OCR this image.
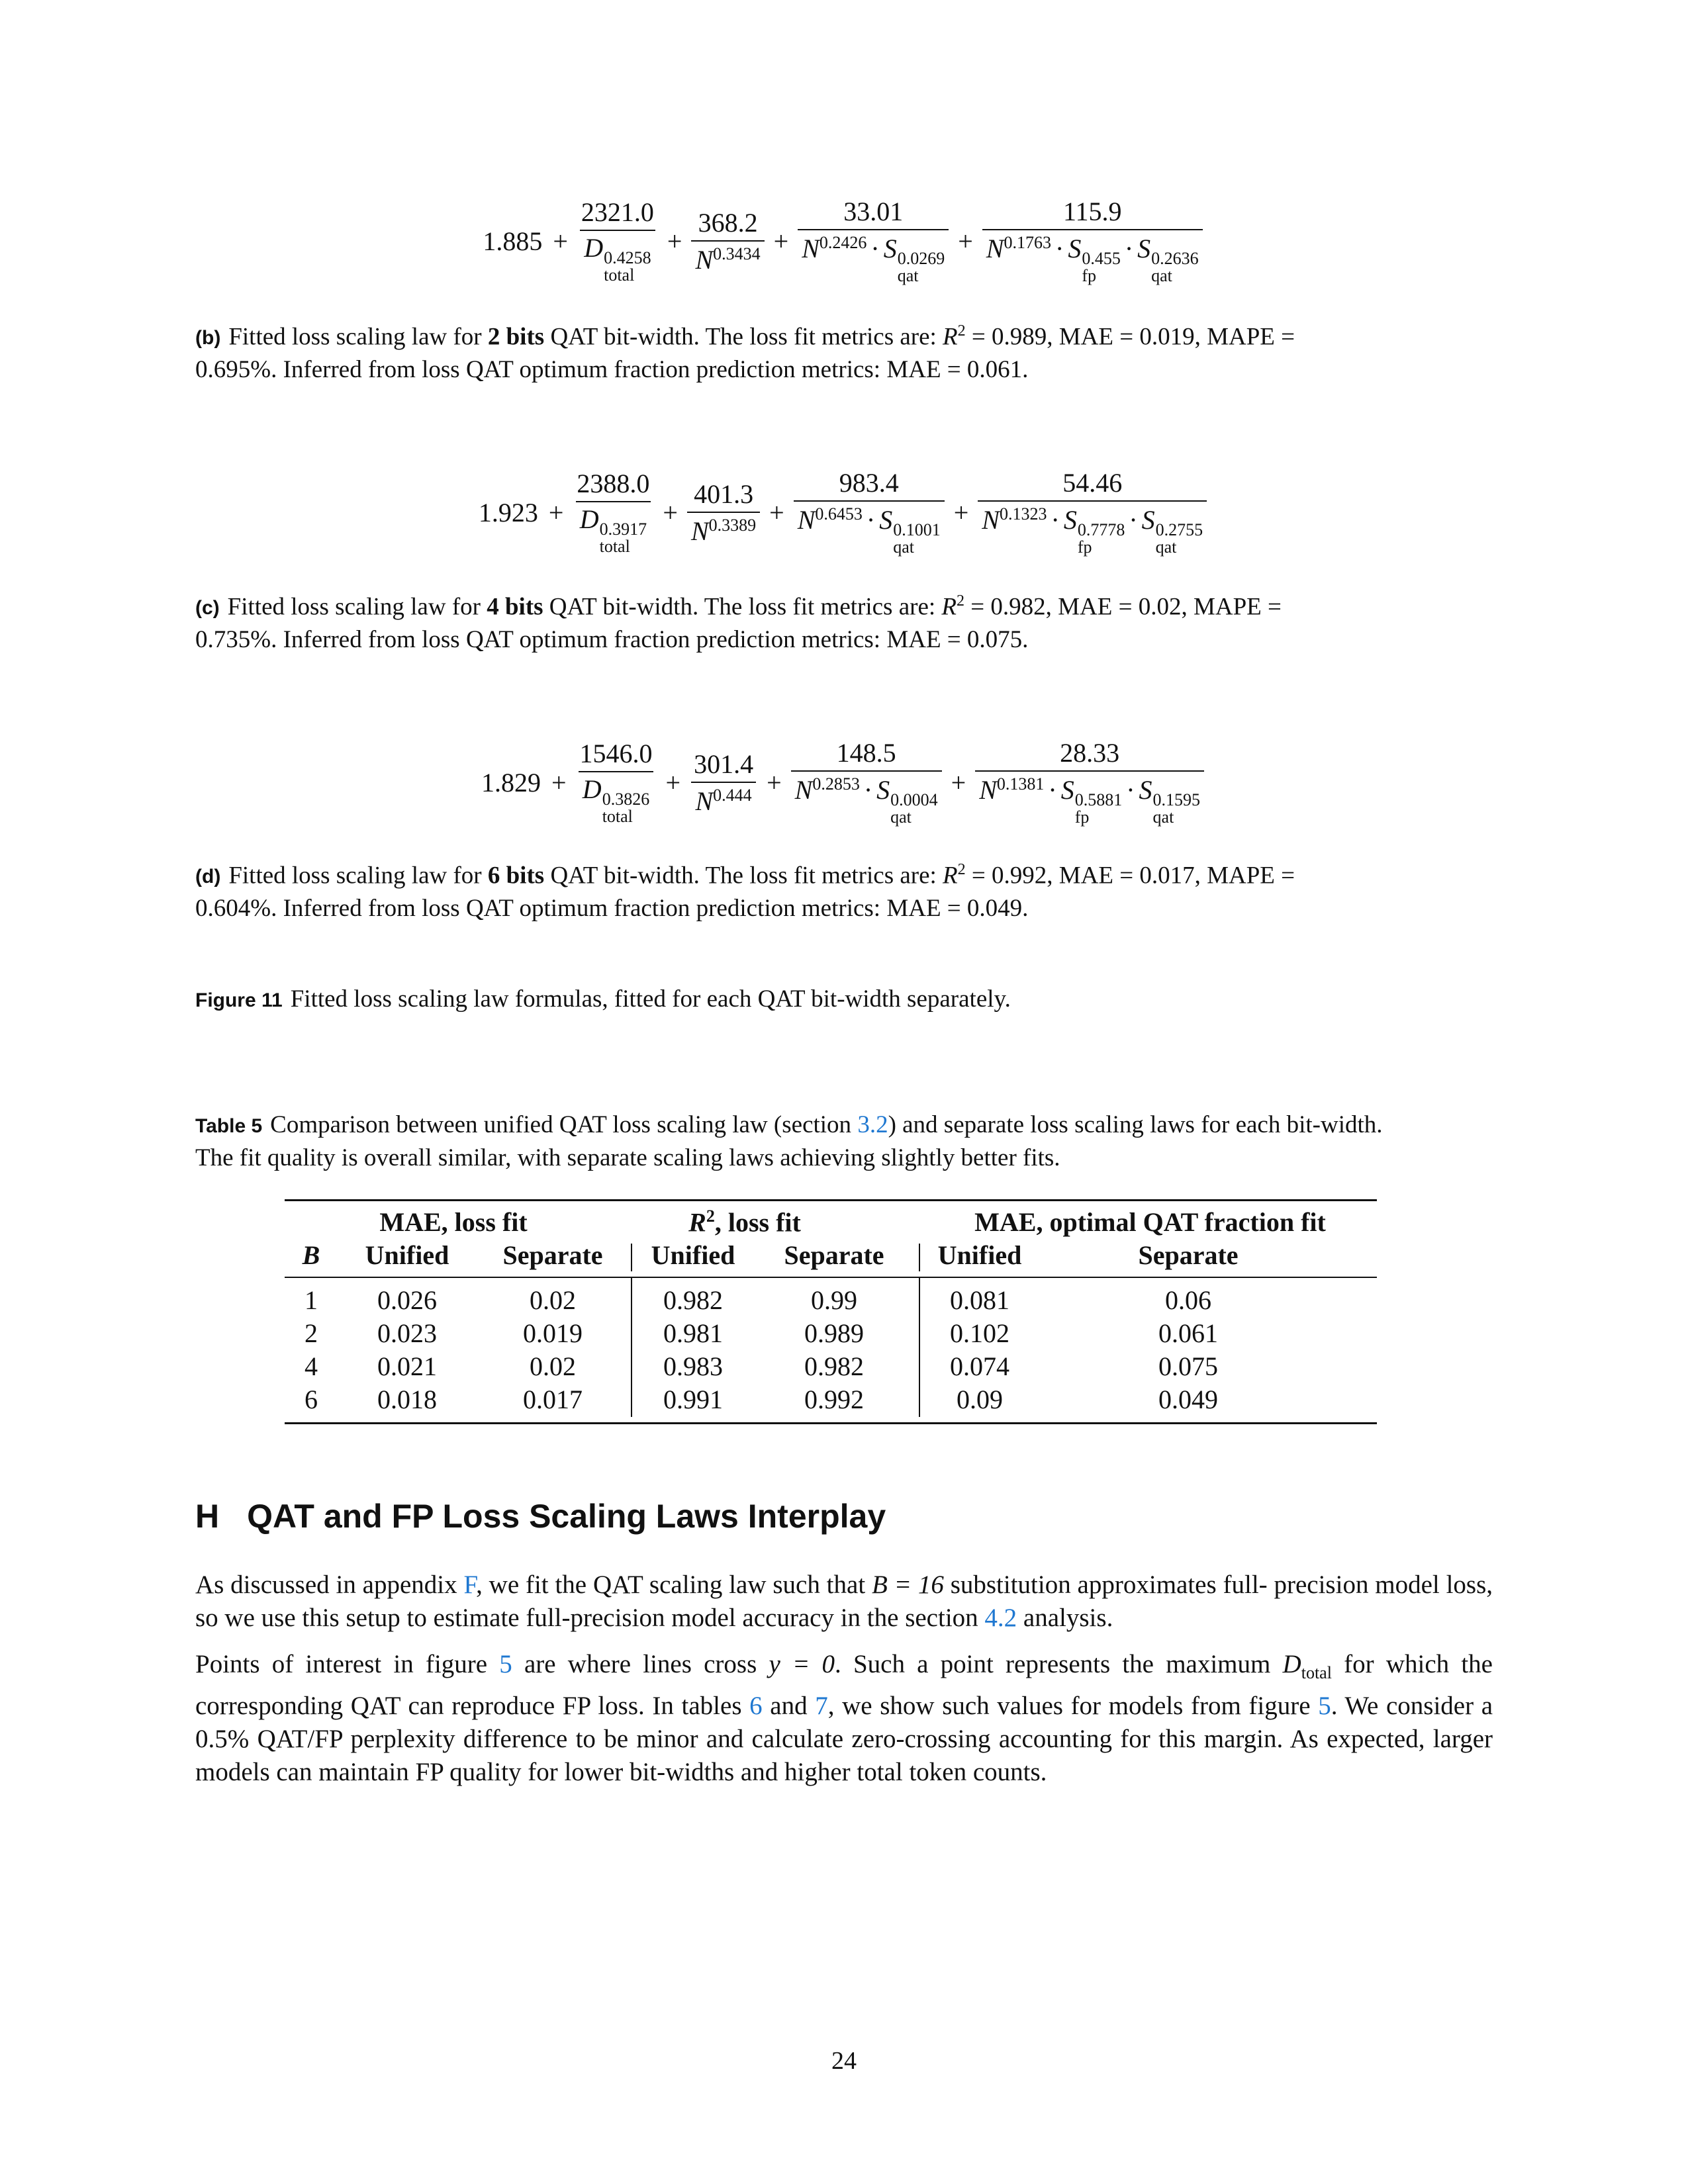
1.885 + 2321.0
D 0.4258
total + $\frac{368.2}{N^{0.3434}} + 33.01$
$N^{0.2426} \cdot S$ 0.0269
qat + 115.9
$N^{0.1763} \cdot S$ 0.455
fp
· S 0.2636
qat
(b) Fitted loss scaling law for 2 bits QAT bit-width. The loss fit metrics are: $R^2 = 0.989$, MAE = 0.019, MAPE =
0.695%. Inferred from loss QAT optimum fraction prediction metrics: MAE = 0.061.
1.923 + 2388.0
D 0.3917
total + $\frac{401.3}{N^{0.3389}} + 983.4$
$N^{0.6453} \cdot S$ 0.1001
qat + 54.46
$N^{0.1323} \cdot S$ 0.7778
fp
· S 0.2755
qat
(c) Fitted loss scaling law for 4 bits QAT bit-width. The loss fit metrics are: $R^2 = 0.982$, MAE = 0.02, MAPE =
0.735%. Inferred from loss QAT optimum fraction prediction metrics: MAE = 0.075.
1.829 + 1546.0
D 0.3826
total + $\frac{301.4}{N^{0.444}} + 148.5$
$N^{0.2853} \cdot S$ 0.0004
qat + 28.33
$N^{0.1381} \cdot S$ 0.5881
fp
· S 0.1595
qat
(d) Fitted loss scaling law for 6 bits QAT bit-width. The loss fit metrics are: $R^2 = 0.992$, MAE = 0.017, MAPE =
0.604%. Inferred from loss QAT optimum fraction prediction metrics: MAE = 0.049.
Figure 11 Fitted loss scaling law formulas, fitted for each QAT bit-width separately.
Table 5 Comparison between unified QAT loss scaling law (section 3.2) and separate loss scaling laws for each bit-width.
The fit quality is overall similar, with separate scaling laws achieving slightly better fits.
MAE, loss fit	$R^2$, loss fit	MAE, optimal QAT fraction fit
B	Unified	Separate	Unified	Separate	Unified	Separate
1	0.026	0.02	0.982	0.99	0.081	0.06
2	0.023	0.019	0.981	0.989	0.102	0.061
4	0.021	0.02	0.983	0.982	0.074	0.075
6	0.018	0.017	0.991	0.992	0.09	0.049
H QAT and FP Loss Scaling Laws Interplay
As discussed in appendix F, we fit the QAT scaling law such that B = 16 substitution approximates full- precision model loss, so we use this setup to estimate full-precision model accuracy in the section 4.2 analysis.
Points of interest in figure 5 are where lines cross y = 0. Such a point represents the maximum $D_{total}$ for which the corresponding QAT can reproduce FP loss. In tables 6 and 7, we show such values for models from figure 5. We consider a 0.5% QAT/FP perplexity difference to be minor and calculate zero-crossing accounting for this margin. As expected, larger models can maintain FP quality for lower bit-widths and higher total token counts.
24
